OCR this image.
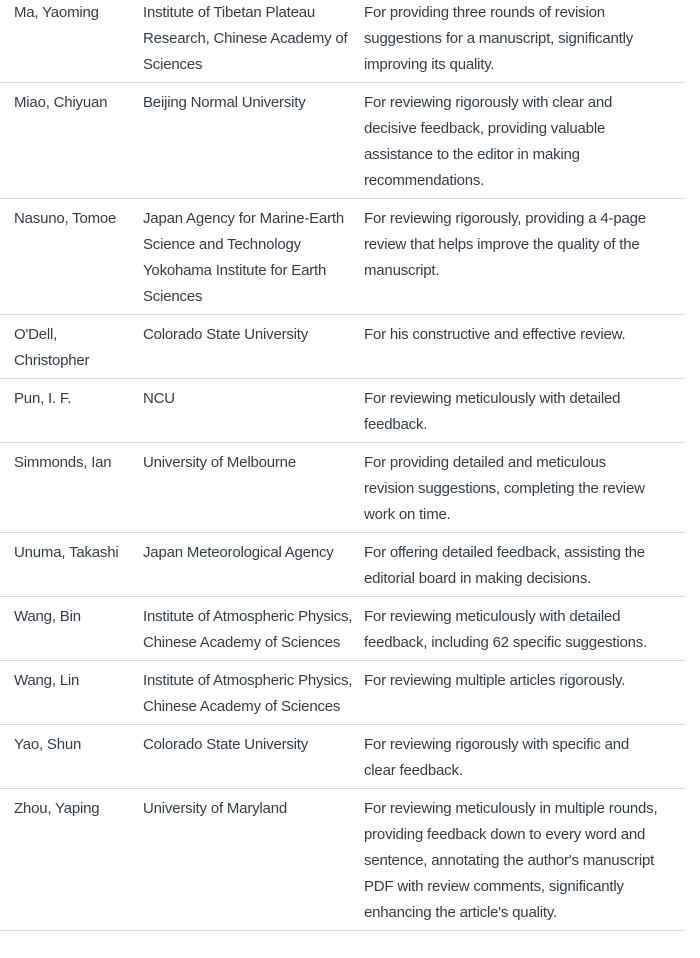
Ma, Yaoming	Institute of Tibetan Plateau Research, Chinese Academy of Sciences	For providing three rounds of revision suggestions for a manuscript, significantly improving its quality.
Miao, Chiyuan	Beijing Normal University	For reviewing rigorously with clear and decisive feedback, providing valuable assistance to the editor in making recommendations.
Nasuno, Tomoe	Japan Agency for Marine-Earth Science and Technology Yokohama Institute for Earth Sciences	For reviewing rigorously, providing a 4-page review that helps improve the quality of the manuscript.
O'Dell, Christopher	Colorado State University	For his constructive and effective review.
Pun, I. F.	NCU	For reviewing meticulously with detailed feedback.
Simmonds, Ian	University of Melbourne	For providing detailed and meticulous revision suggestions, completing the review work on time.
Unuma, Takashi	Japan Meteorological Agency	For offering detailed feedback, assisting the editorial board in making decisions.
Wang, Bin	Institute of Atmospheric Physics, Chinese Academy of Sciences	For reviewing meticulously with detailed feedback, including 62 specific suggestions.
Wang, Lin	Institute of Atmospheric Physics, Chinese Academy of Sciences	For reviewing multiple articles rigorously.
Yao, Shun	Colorado State University	For reviewing rigorously with specific and clear feedback.
Zhou, Yaping	University of Maryland	For reviewing meticulously in multiple rounds, providing feedback down to every word and sentence, annotating the author's manuscript PDF with review comments, significantly enhancing the article's quality.
